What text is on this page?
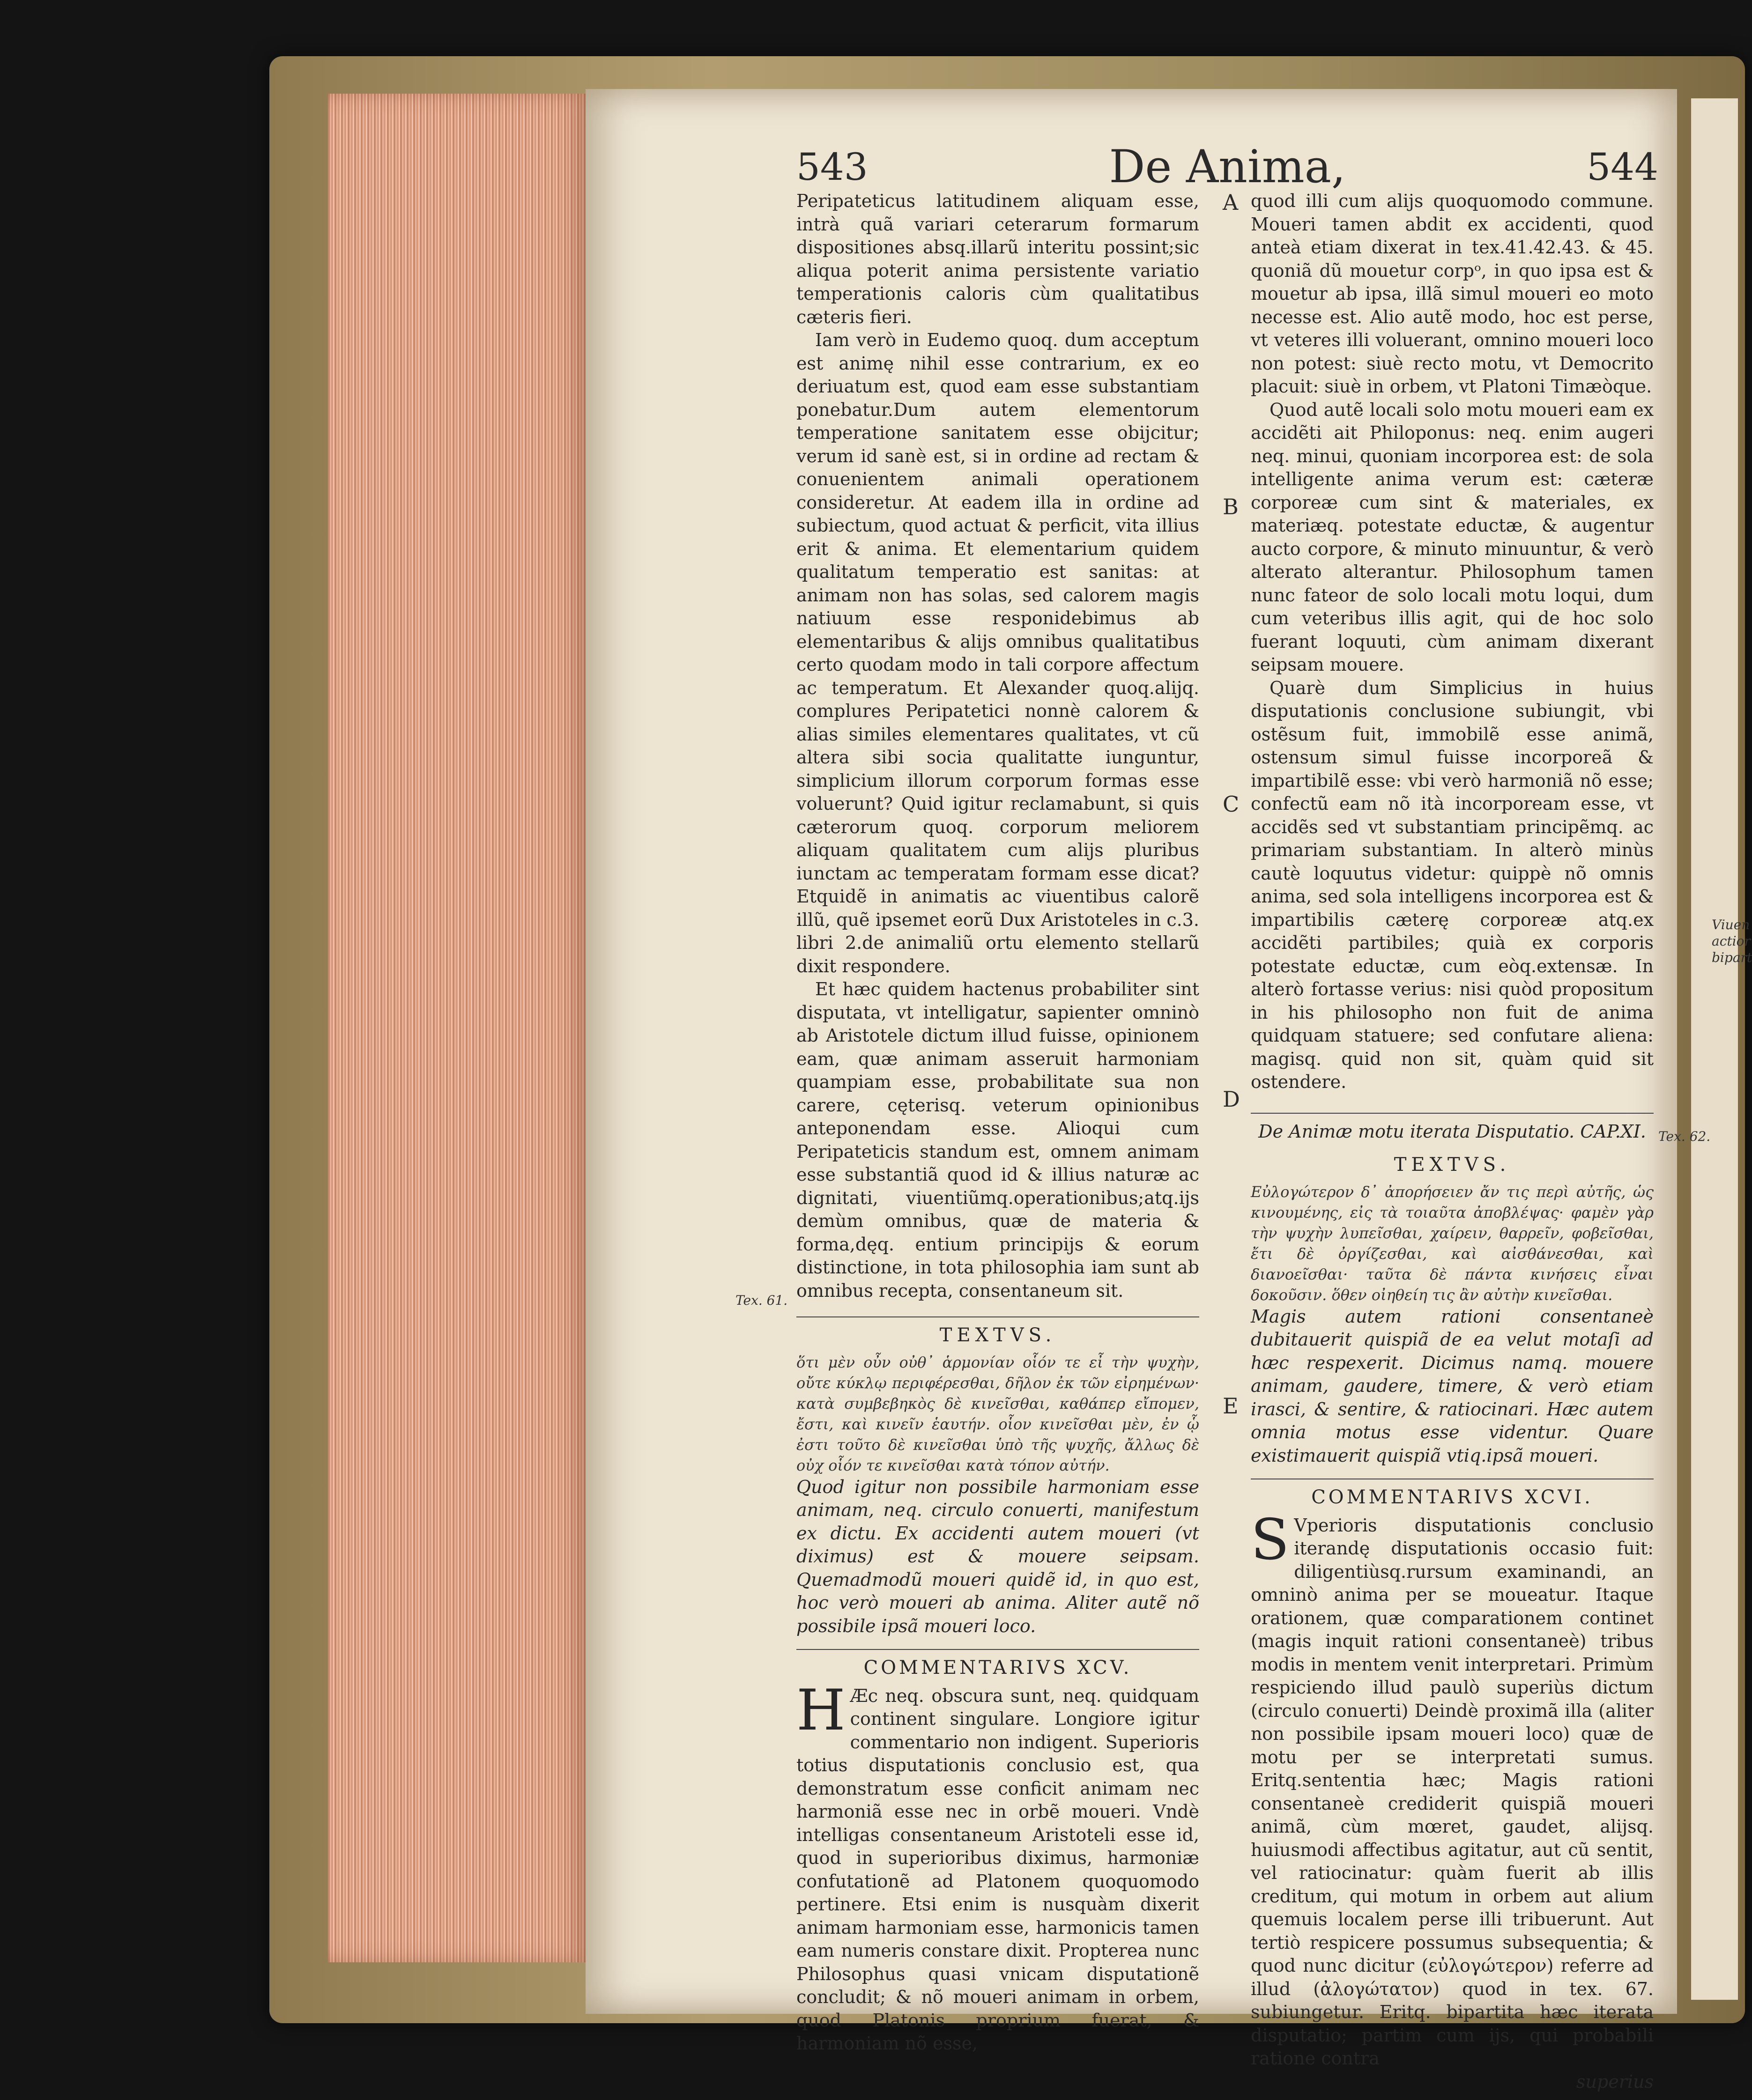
Viuen
actior
bipart
543	De Anima,	544

Peripateticus latitudinem aliquam esse, intrà quã variari ceterarum formarum dispositiones absq.illarũ interitu possint;sic aliqua poterit anima persistente variatio temperationis caloris cùm qualitatibus cæteris fieri.

Iam verò in Eudemo quoq. dum acceptum est animę nihil esse contrarium, ex eo deriuatum est, quod eam esse substantiam ponebatur.Dum autem elementorum temperatione sanitatem esse obijcitur; verum id sanè est, si in ordine ad rectam & conuenientem animali operationem consideretur. At eadem illa in ordine ad subiectum, quod actuat & perficit, vita illius erit & anima. Et elementarium quidem qualitatum temperatio est sanitas: at animam non has solas, sed calorem magis natiuum esse responidebimus ab elementaribus & alijs omnibus qualitatibus certo quodam modo in tali corpore affectum ac temperatum. Et Alexander quoq.alijq. complures Peripatetici nonnè calorem & alias similes elementares qualitates, vt cũ altera sibi socia qualitatte iunguntur, simplicium illorum corporum formas esse voluerunt? Quid igitur reclamabunt, si quis cæterorum quoq. corporum meliorem aliquam qualitatem cum alijs pluribus iunctam ac temperatam formam esse dicat? Etquidẽ in animatis ac viuentibus calorẽ illũ, quẽ ipsemet eorũ Dux Aristoteles in c.3. libri 2.de animaliũ ortu elemento stellarũ dixit respondere.

Et hæc quidem hactenus probabiliter sint disputata, vt intelligatur, sapienter omninò ab Aristotele dictum illud fuisse, opinionem eam, quæ animam asseruit harmoniam quampiam esse, probabilitate sua non carere, cęterisq. veterum opinionibus anteponendam esse. Alioqui cum Peripateticis standum est, omnem animam esse substantiã quod id & illius naturæ ac dignitati, viuentiũmq.operationibus;atq.ijs demùm omnibus, quæ de materia & forma,dęq. entium principijs & eorum distinctione, in tota philosophia iam sunt ab omnibus recepta, consentaneum sit.

TEXTVS.
ὅτι μὲν οὖν οὐθ᾿ ἁρμονίαν οἷόν τε εἶ τὴν ψυχὴν, οὔτε κύκλῳ περιφέρεσθαι, δῆλον ἐκ τῶν εἰρημένων· κατὰ συμβεβηκὸς δὲ κινεῖσθαι, καθάπερ εἴπομεν, ἔστι, καὶ κινεῖν ἑαυτήν. οἷον κινεῖσθαι μὲν, ἐν ᾧ ἐστι τοῦτο δὲ κινεῖσθαι ὑπὸ τῆς ψυχῆς, ἄλλως δὲ οὐχ οἷόν τε κινεῖσθαι κατὰ τόπον αὐτήν.
Quod igitur non possibile harmoniam esse animam, neq. circulo conuerti, manifestum ex dictu. Ex accidenti autem moueri (vt diximus) est & mouere seipsam. Quemadmodũ moueri quidẽ id, in quo est, hoc verò moueri ab anima. Aliter autẽ nõ possibile ipsã moueri loco.
COMMENTARIVS XCV.

H Æc neq. obscura sunt, neq. quidquam continent singulare. Longiore igitur commentario non indigent. Superioris totius disputationis conclusio est, qua demonstratum esse conficit animam nec harmoniã esse nec in orbẽ moueri. Vndè intelligas consentaneum Aristoteli esse id, quod in superioribus diximus, harmoniæ confutationẽ ad Platonem quoquomodo pertinere. Etsi enim is nusquàm dixerit animam harmoniam esse, harmonicis tamen eam numeris constare dixit. Propterea nunc Philosophus quasi vnicam disputationẽ concludit; & nõ moueri animam in orbem, quod Platonis proprium fuerat, & harmoniam nõ esse,

Tex. 61.
A
B
C
D
E

quod illi cum alijs quoquomodo commune. Moueri tamen abdit ex accidenti, quod anteà etiam dixerat in tex.41.42.43. & 45. quoniã dũ mouetur corpᵒ, in quo ipsa est & mouetur ab ipsa, illã simul moueri eo moto necesse est. Alio autẽ modo, hoc est perse, vt veteres illi voluerant, omnino moueri loco non potest: siuè recto motu, vt Democrito placuit: siuè in orbem, vt Platoni Timæòque.

Quod autẽ locali solo motu moueri eam ex accidẽti ait Philoponus: neq. enim augeri neq. minui, quoniam incorporea est: de sola intelligente anima verum est: cæteræ corporeæ cum sint & materiales, ex materiæq. potestate eductæ, & augentur aucto corpore, & minuto minuuntur, & verò alterato alterantur. Philosophum tamen nunc fateor de solo locali motu loqui, dum cum veteribus illis agit, qui de hoc solo fuerant loquuti, cùm animam dixerant seipsam mouere.

Quarè dum Simplicius in huius disputationis conclusione subiungit, vbi ostẽsum fuit, immobilẽ esse animã, ostensum simul fuisse incorporeã & impartibilẽ esse: vbi verò harmoniã nõ esse; confectũ eam nõ ità incorpoream esse, vt accidẽs sed vt substantiam principẽmq. ac primariam substantiam. In alterò minùs cautè loquutus videtur: quippè nõ omnis anima, sed sola intelligens incorporea est & impartibilis cæterę corporeæ atq.ex accidẽti partibiles; quià ex corporis potestate eductæ, cum eòq.extensæ. In alterò fortasse verius: nisi quòd propositum in his philosopho non fuit de anima quidquam statuere; sed confutare aliena: magisq. quid non sit, quàm quid sit ostendere.

De Animæ motu iterata Disputatio. CAP.XI.
TEXTVS.
Εὐλογώτερον δ᾿ ἀπορήσειεν ἄν τις περὶ αὐτῆς, ὡς κινουμένης, εἰς τὰ τοιαῦτα ἀποβλέψας· φαμὲν γὰρ τὴν ψυχὴν λυπεῖσθαι, χαίρειν, θαρρεῖν, φοβεῖσθαι, ἔτι δὲ ὀργίζεσθαι, καὶ αἰσθάνεσθαι, καὶ διανοεῖσθαι· ταῦτα δὲ πάντα κινήσεις εἶναι δοκοῦσιν. ὅθεν οἰηθείη τις ἂν αὐτὴν κινεῖσθαι.
Magis autem rationi consentaneè dubitauerit quispiã de ea velut motaſi ad hæc respexerit. Dicimus namq. mouere animam, gaudere, timere, & verò etiam irasci, & sentire, & ratiocinari. Hæc autem omnia motus esse videntur. Quare existimauerit quispiã vtiq.ipsã moueri.
COMMENTARIVS XCVI.

S Vperioris disputationis conclusio iterandę disputationis occasio fuit: diligentiùsq.rursum examinandi, an omninò anima per se moueatur. Itaque orationem, quæ comparationem continet (magis inquit rationi consentaneè) tribus modis in mentem venit interpretari. Primùm respiciendo illud paulò superiùs dictum (circulo conuerti) Deindè proximã illa (aliter non possibile ipsam moueri loco) quæ de motu per se interpretati sumus. Eritq.sententia hæc; Magis rationi consentaneè crediderit quispiã moueri animã, cùm mœret, gaudet, alijsq. huiusmodi affectibus agitatur, aut cũ sentit, vel ratiocinatur: quàm fuerit ab illis creditum, qui motum in orbem aut alium quemuis localem perse illi tribuerunt. Aut tertiò respicere possumus subsequentia; & quod nunc dicitur (εὐλογώτερον) referre ad illud (ἀλογώτατον) quod in tex. 67. subiungetur. Eritq. bipartita hæc iterata disputatio; partim cum ijs, qui probabili ratione contra

superius
Tex. 62.
